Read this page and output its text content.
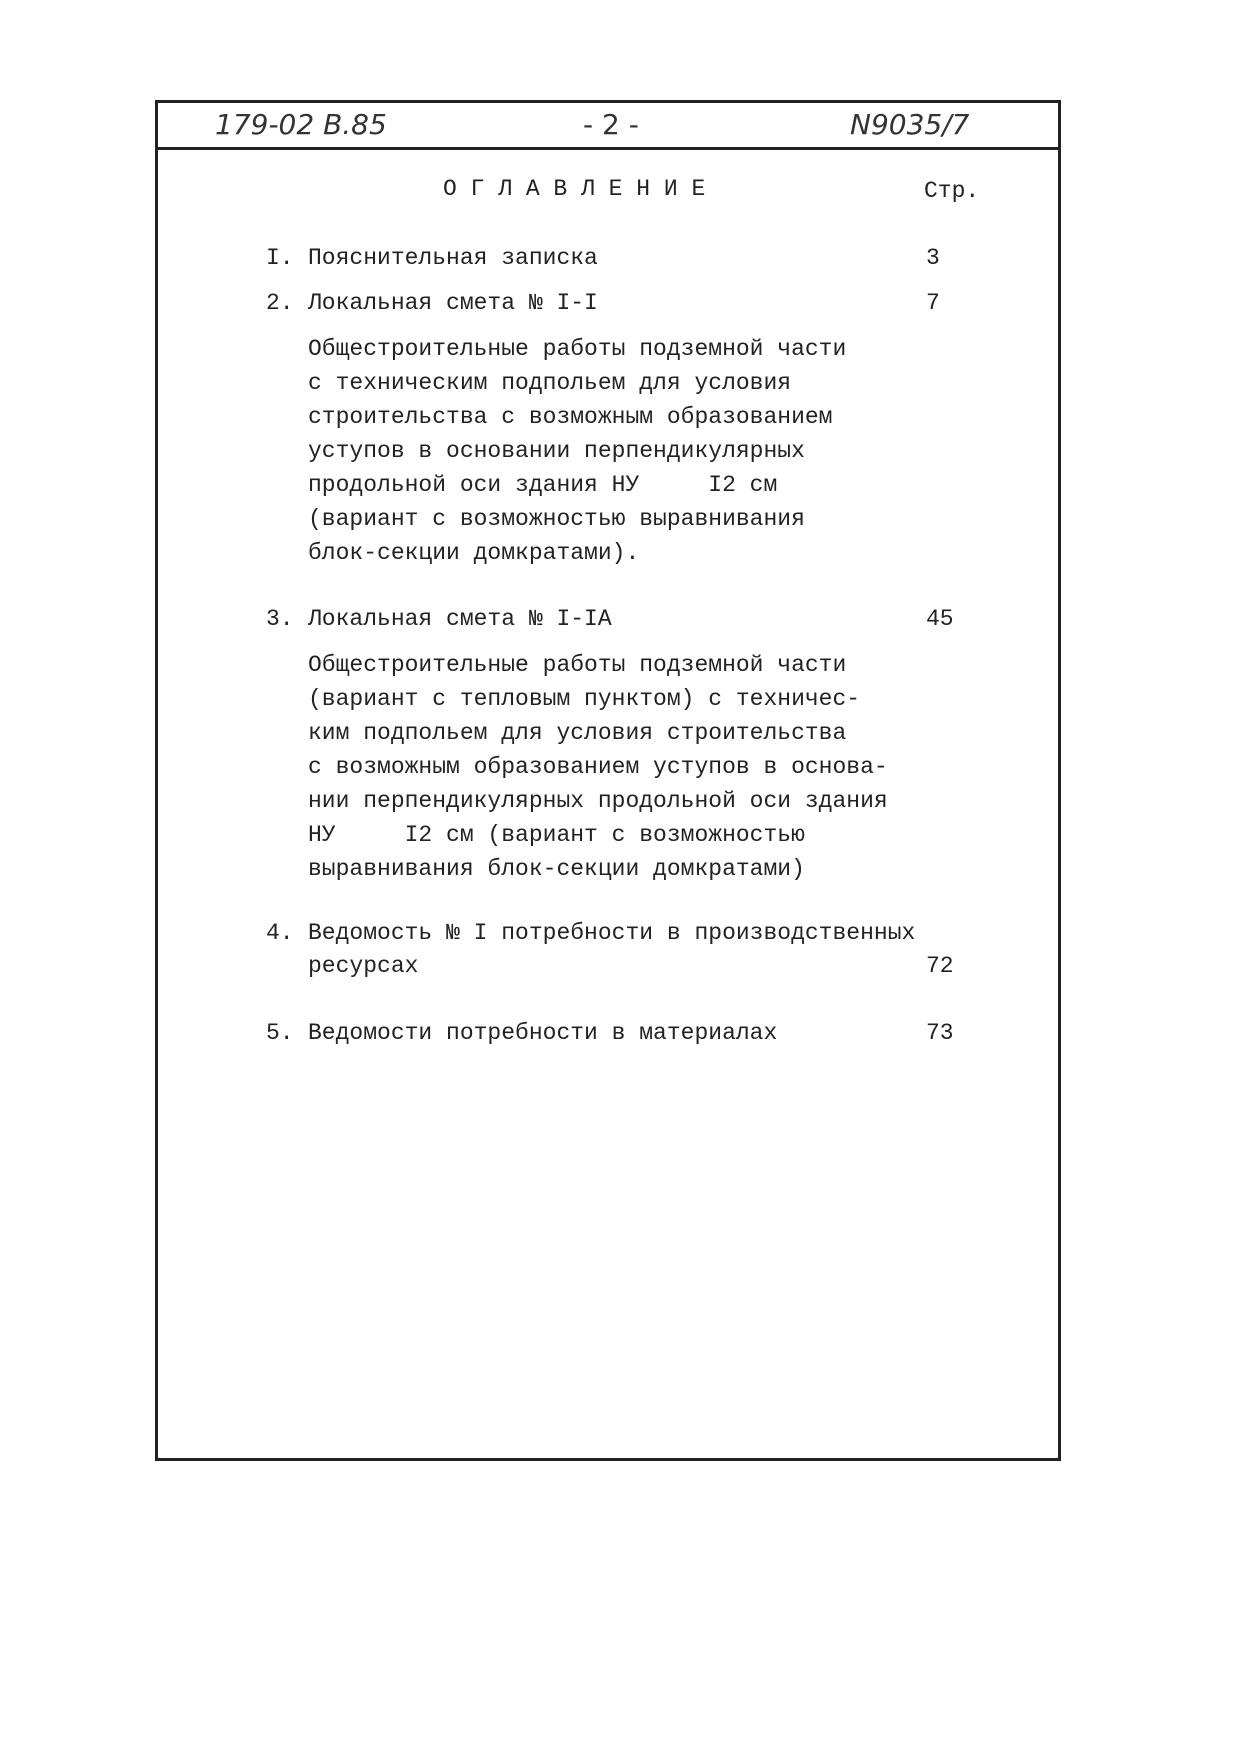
179-02 В.85	- 2 -	N9035/7
О Г Л А В Л Е Н И Е	Стр.
I. Пояснительная записка	3
2. Локальная смета № I-I	7
Общестроительные работы подземной части
с техническим подпольем для условия
строительства с возможным образованием
уступов в основании перпендикулярных
продольной оси здания НУ     I2 см
(вариант с возможностью выравнивания
блок-секции домкратами).
3. Локальная смета № I-IA	45
Общестроительные работы подземной части
(вариант с тепловым пунктом) с техничес-
ким подпольем для условия строительства
с возможным образованием уступов в основа-
нии перпендикулярных продольной оси здания
НУ     I2 см (вариант с возможностью
выравнивания блок-секции домкратами)
4. Ведомость № I потребности в производственных
ресурсах	72
5. Ведомости потребности в материалах	73
